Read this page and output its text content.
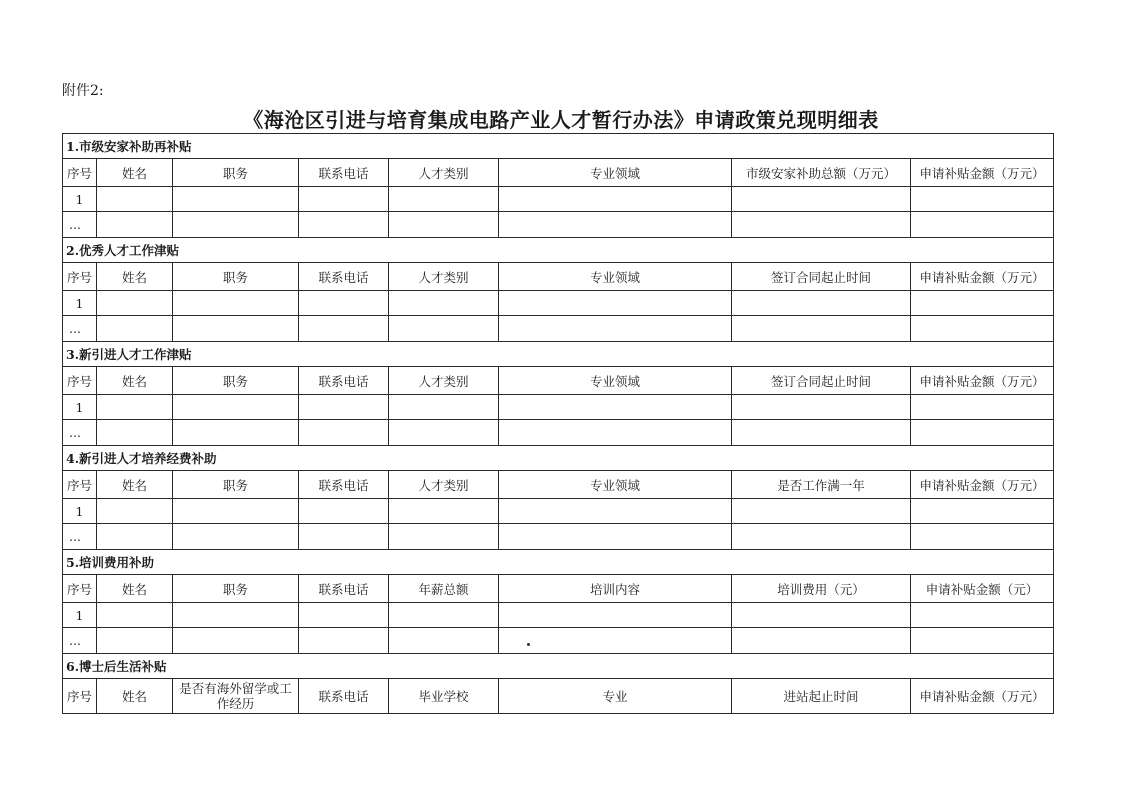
附件2:
《海沧区引进与培育集成电路产业人才暂行办法》申请政策兑现明细表
1.市级安家补助再补贴							
序号	姓名	职务	联系电话	人才类别	专业领域	市级安家补助总额（万元）	申请补贴金额（万元）
1							
...							
2.优秀人才工作津贴							
序号	姓名	职务	联系电话	人才类别	专业领域	签订合同起止时间	申请补贴金额（万元）
1							
...							
3.新引进人才工作津贴							
序号	姓名	职务	联系电话	人才类别	专业领域	签订合同起止时间	申请补贴金额（万元）
1							
...							
4.新引进人才培养经费补助							
序号	姓名	职务	联系电话	人才类别	专业领域	是否工作满一年	申请补贴金额（万元）
1							
...							
5.培训费用补助							
序号	姓名	职务	联系电话	年薪总额	培训内容	培训费用（元）	申请补贴金额（元）
1							
...							
6.博士后生活补贴							
序号	姓名	是否有海外留学或工作经历	联系电话	毕业学校	专业	进站起止时间	申请补贴金额（万元）
